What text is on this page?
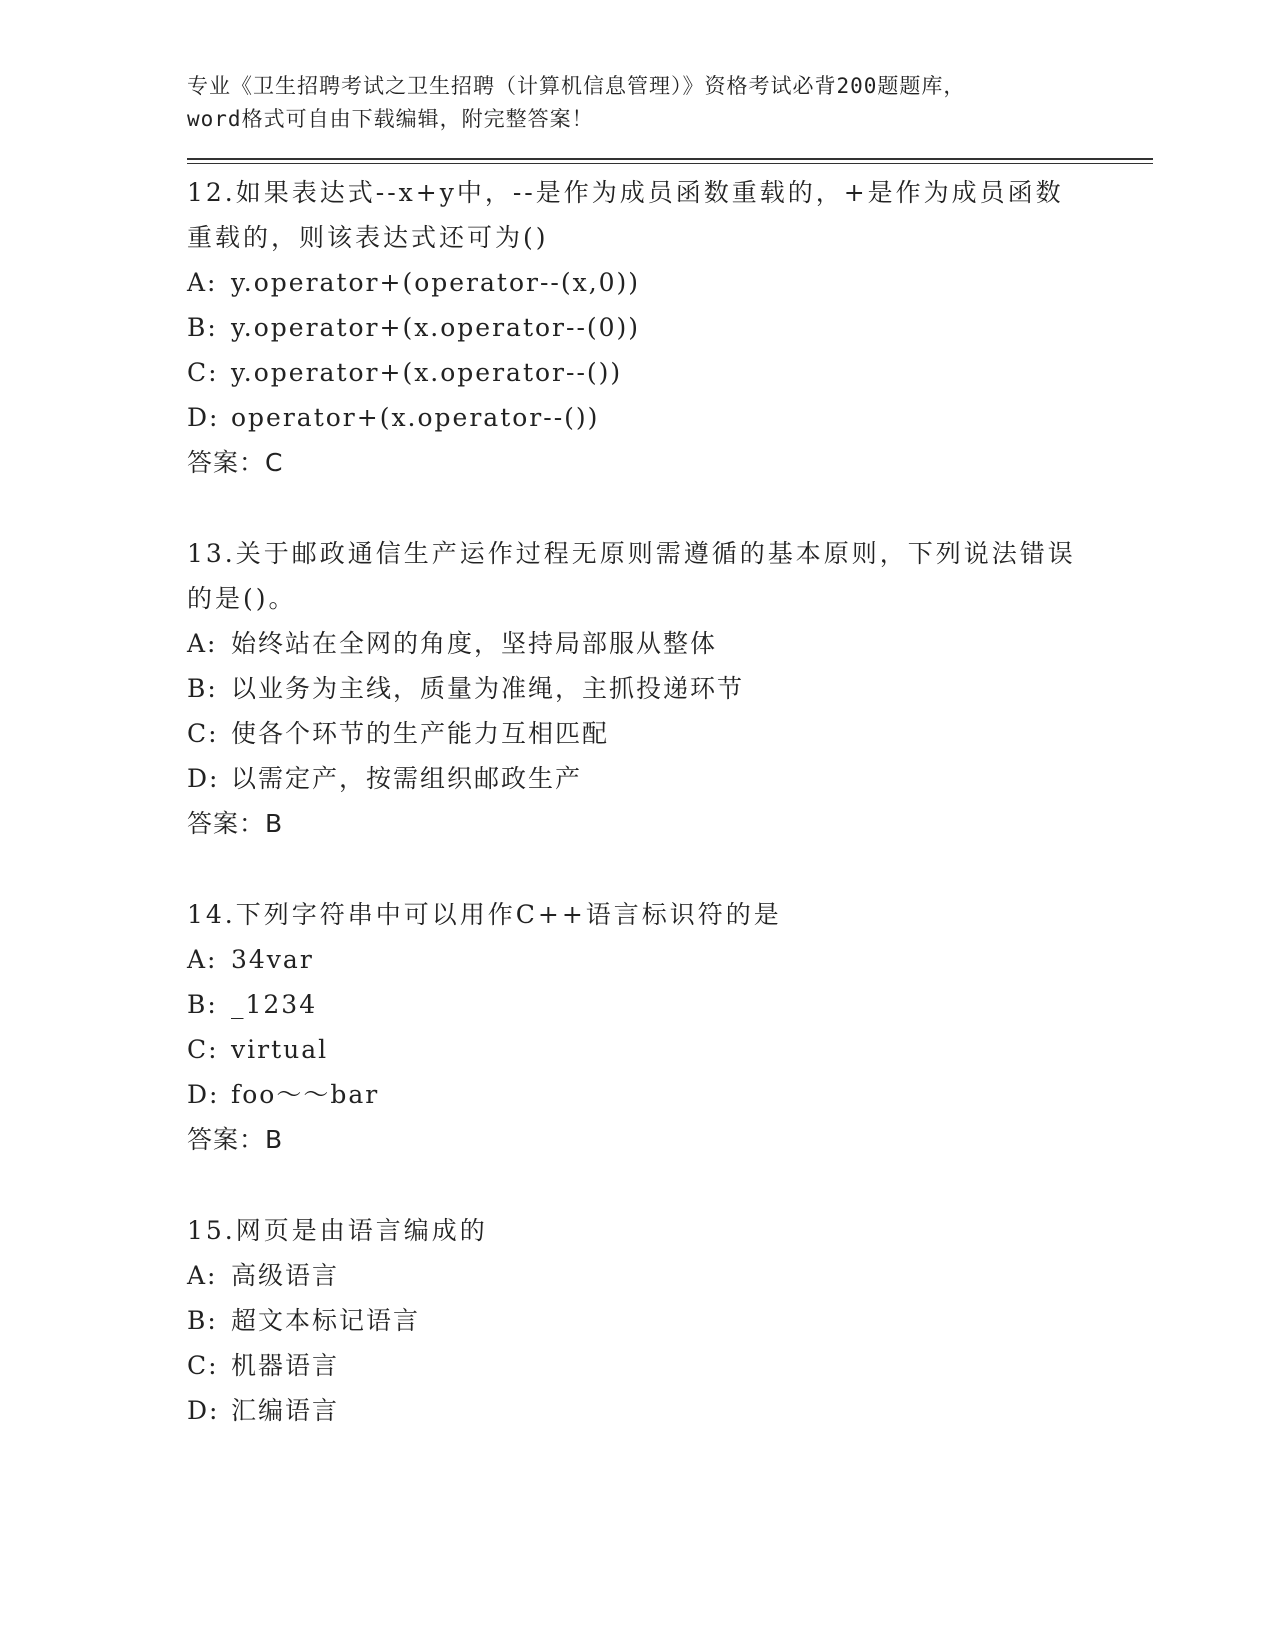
专业《卫生招聘考试之卫生招聘（计算机信息管理）》资格考试必背200题题库，
word格式可自由下载编辑，附完整答案！
12.如果表达式--x+y中，--是作为成员函数重载的，+是作为成员函数重载的，则该表达式还可为()
A: y.operator+(operator--(x,0))
B: y.operator+(x.operator--(0))
C: y.operator+(x.operator--())
D: operator+(x.operator--())
答案：C
13.关于邮政通信生产运作过程无原则需遵循的基本原则，下列说法错误的是()。
A: 始终站在全网的角度，坚持局部服从整体
B: 以业务为主线，质量为准绳，主抓投递环节
C: 使各个环节的生产能力互相匹配
D: 以需定产，按需组织邮政生产
答案：B
14.下列字符串中可以用作C++语言标识符的是
A: 34var
B: _1234
C: virtual
D: foo～～bar
答案：B
15.网页是由语言编成的
A: 高级语言
B: 超文本标记语言
C: 机器语言
D: 汇编语言
